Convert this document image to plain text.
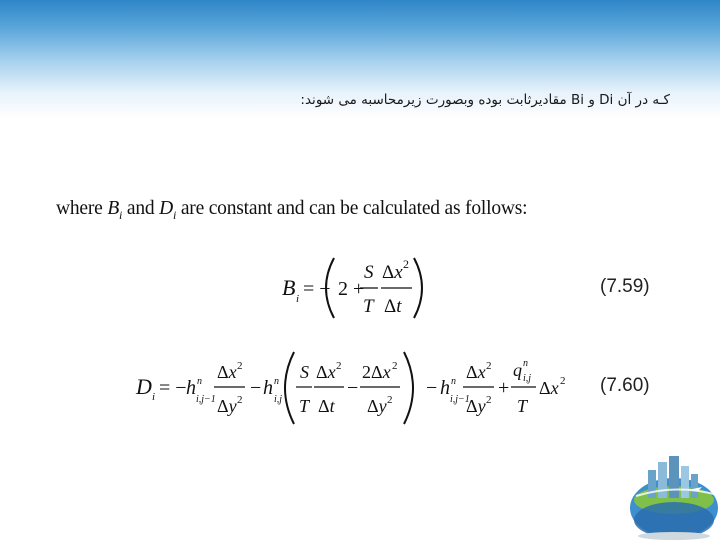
کـه در آن Di و Bi مقادیرثابت بوده وبصورت زیرمحاسبه می شوند:
where $B_i$ and $D_i$ are constant and can be calculated as follows:
B i = − 2 +
S
T
Δx 2
Δt
D i = − h n
i,j−1
Δx 2
Δy 2
− h n
i,j
S
T
Δx 2
Δt
−
2Δx 2
Δy 2
− h n
i,j−1
Δx 2
Δy 2
+
q n
i,j
T
Δx 2
(7.59)
(7.60)
